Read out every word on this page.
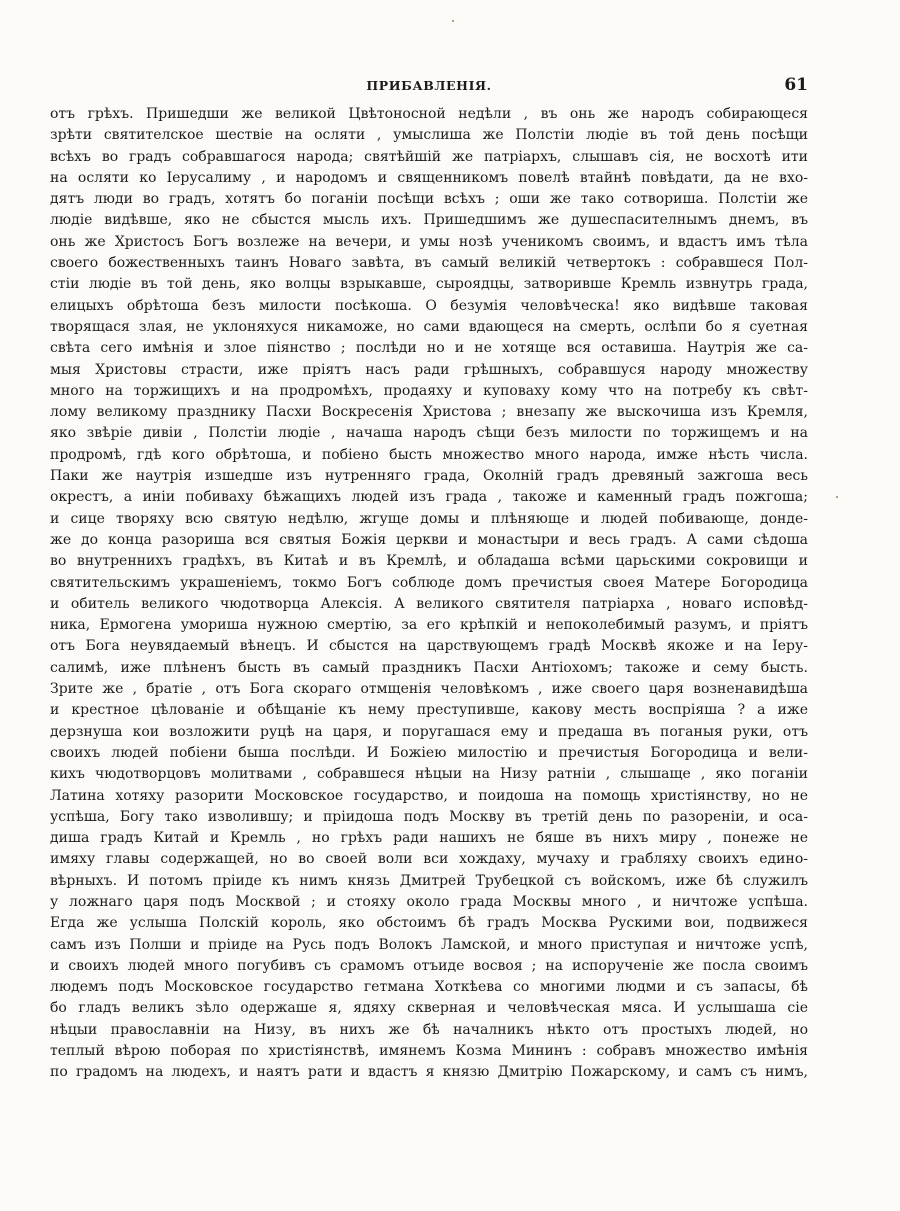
ПРИБАВЛЕНІЯ.	61
отъ грѣхъ. Пришедши же великой Цвѣтоносной недѣли , въ онь же народъ собирающеся
зрѣти святителское шествіе на осляти , умыслиша же Полстіи людіе въ той день посѣщи
всѣхъ во градъ собравшагося народа; святѣйшій же патріархъ, слышавъ сія, не восхотѣ ити
на осляти ко Іерусалиму , и народомъ и священникомъ повелѣ втайнѣ повѣдати, да не вхо-
дятъ люди во градъ, хотятъ бо поганіи посѣщи всѣхъ ; оши же тако сотвориша. Полстіи же
людіе видѣвше, яко не сбыстся мысль ихъ. Пришедшимъ же душеспасителнымъ днемъ, въ
онь же Христосъ Богъ возлеже на вечери, и умы нозѣ ученикомъ своимъ, и вдастъ имъ тѣла
своего божественныхъ таинъ Новаго завѣта, въ самый великій четвертокъ : собравшеся Пол-
стіи людіе въ той день, яко волцы взрыкавше, сыроядцы, затворивше Кремль извнутрь града,
елицыхъ обрѣтоша безъ милости посѣкоша. О безумія человѣческа! яко видѣвше таковая
творящася злая, не уклоняхуся никаможе, но сами вдающеся на смерть, ослѣпи бо я суетная
свѣта сего имѣнія и злое піянство ; послѣди но и не хотяще вся оставиша. Наутрія же са-
мыя Христовы страсти, иже пріятъ насъ ради грѣшныхъ, собравшуся народу множеству
много на торжищихъ и на продромѣхъ, продаяху и куповаху кому что на потребу къ свѣт-
лому великому празднику Пасхи Воскресенія Христова ; внезапу же выскочиша изъ Кремля,
яко звѣріе дивіи , Полстіи людіе , начаша народъ сѣщи безъ милости по торжищемъ и на
продромѣ, гдѣ кого обрѣтоша, и побіено бысть множество много народа, имже нѣсть числа.
Паки же наутрія изшедше изъ нутренняго града, Околній градъ древяный зажгоша весь
окрестъ, а иніи побиваху бѣжащихъ людей изъ града , такоже и каменный градъ пожгоша;
и сице творяху всю святую недѣлю, жгуще домы и плѣняюще и людей побивающе, донде-
же до конца разориша вся святыя Божія церкви и монастыри и весь градъ. А сами сѣдоша
во внутреннихъ градѣхъ, въ Китаѣ и въ Кремлѣ, и обладаша всѣми царьскими сокровищи и
святительскимъ украшеніемъ, токмо Богъ соблюде домъ пречистыя своея Матере Богородица
и обитель великого чюдотворца Алексія. А великого святителя патріарха , новаго исповѣд-
ника, Ермогена умориша нужною смертію, за его крѣпкій и непоколебимый разумъ, и пріятъ
отъ Бога неувядаемый вѣнецъ. И сбыстся на царствующемъ градѣ Москвѣ якоже и на Іеру-
салимѣ, иже плѣненъ бысть въ самый праздникъ Пасхи Антіохомъ; такоже и сему бысть.
Зрите же , братіе , отъ Бога скораго отмщенія человѣкомъ , иже своего царя возненавидѣша
и крестное цѣлованіе и обѣщаніе къ нему преступивше, какову месть воспріяша ? а иже
дерзнуша кои возложити руцѣ на царя, и поругашася ему и предаша въ поганыя руки, отъ
своихъ людей побіени быша послѣди. И Божіею милостію и пречистыя Богородица и вели-
кихъ чюдотворцовъ молитвами , собравшеся нѣцыи на Низу ратніи , слышаще , яко поганіи
Латина хотяху разорити Московское государство, и поидоша на помощь христіянству, но не
успѣша, Богу тако изволившу; и пріидоша подъ Москву въ третій день по разореніи, и оса-
диша градъ Китай и Кремль , но грѣхъ ради нашихъ не бяше въ нихъ миру , понеже не
имяху главы содержащей, но во своей воли вси хождаху, мучаху и грабляху своихъ едино-
вѣрныхъ. И потомъ пріиде къ нимъ князь Дмитрей Трубецкой съ войскомъ, иже бѣ служилъ
у ложнаго царя подъ Москвой ; и стояху около града Москвы много , и ничтоже успѣша.
Егда же услыша Полскій король, яко обстоимъ бѣ градъ Москва Рускими вои, подвижеся
самъ изъ Полши и пріиде на Русь подъ Волокъ Ламской, и много приступая и ничтоже успѣ,
и своихъ людей много погубивъ съ срамомъ отъиде восвоя ; на испорученіе же посла своимъ
людемъ подъ Московское государство гетмана Хоткѣева со многими людми и съ запасы, бѣ
бо гладъ великъ зѣло одержаше я, ядяху скверная и человѣческая мяса. И услышаша сіе
нѣцыи православніи на Низу, въ нихъ же бѣ началникъ нѣкто отъ простыхъ людей, но
теплый вѣрою поборая по христіянствѣ, имянемъ Козма Мининъ : собравъ множество имѣнія
по градомъ на людехъ, и наятъ рати и вдастъ я князю Дмитрію Пожарскому, и самъ съ нимъ,
